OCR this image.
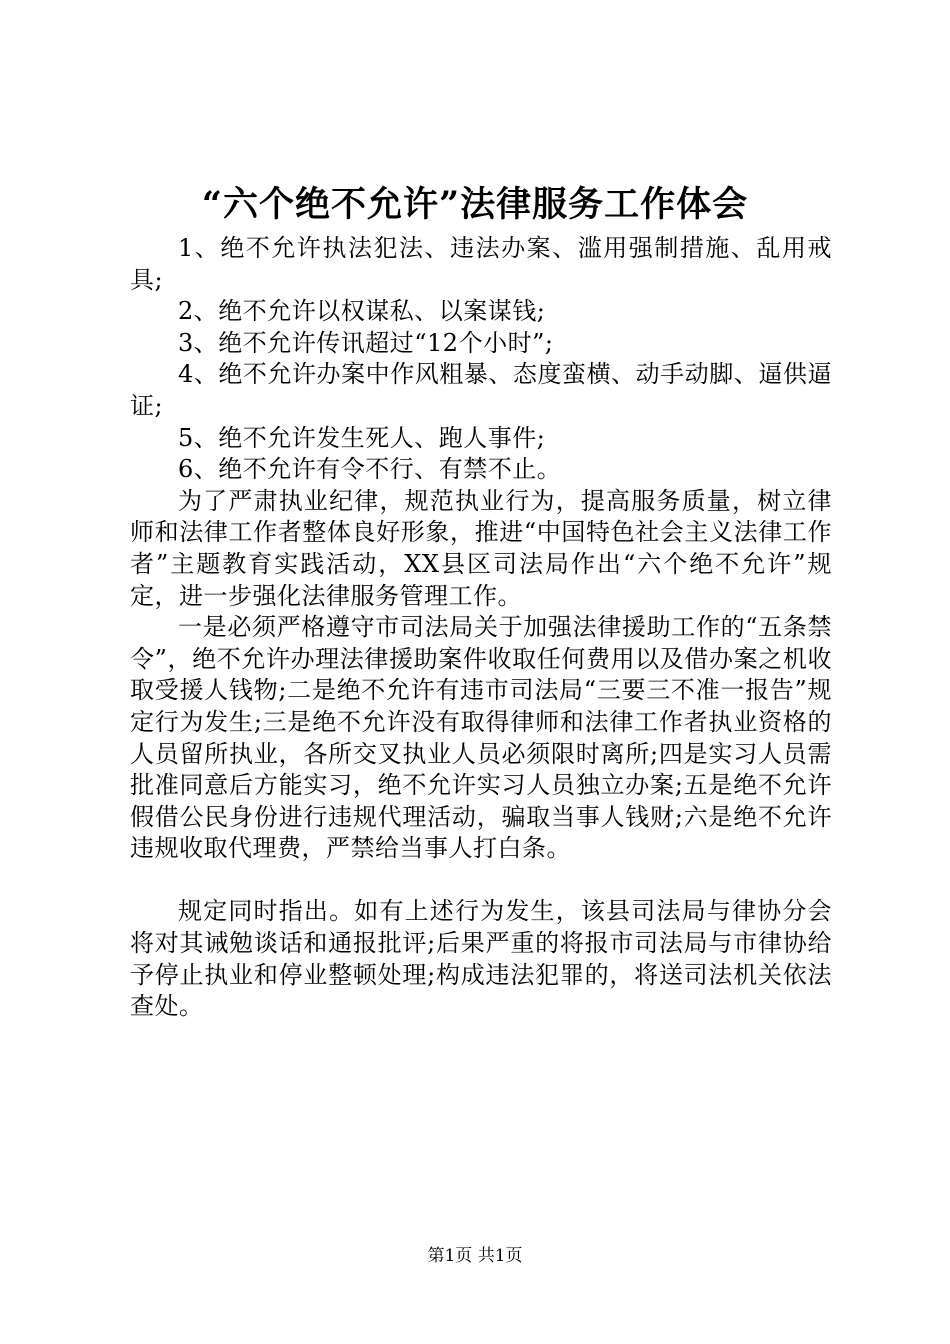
“六个绝不允许”法律服务工作体会

1、绝不允许执法犯法、违法办案、滥用强制措施、乱用戒具;

2、绝不允许以权谋私、以案谋钱;

3、绝不允许传讯超过“12个小时”;

4、绝不允许办案中作风粗暴、态度蛮横、动手动脚、逼供逼证;

5、绝不允许发生死人、跑人事件;

6、绝不允许有令不行、有禁不止。

为了严肃执业纪律，规范执业行为，提高服务质量，树立律师和法律工作者整体良好形象，推进“中国特色社会主义法律工作者”主题教育实践活动，XX县区司法局作出“六个绝不允许”规定，进一步强化法律服务管理工作。

一是必须严格遵守市司法局关于加强法律援助工作的“五条禁令”，绝不允许办理法律援助案件收取任何费用以及借办案之机收取受援人钱物;二是绝不允许有违市司法局“三要三不准一报告”规定行为发生;三是绝不允许没有取得律师和法律工作者执业资格的人员留所执业，各所交叉执业人员必须限时离所;四是实习人员需批准同意后方能实习，绝不允许实习人员独立办案;五是绝不允许假借公民身份进行违规代理活动，骗取当事人钱财;六是绝不允许违规收取代理费，严禁给当事人打白条。

规定同时指出。如有上述行为发生，该县司法局与律协分会将对其诫勉谈话和通报批评;后果严重的将报市司法局与市律协给予停止执业和停业整顿处理;构成违法犯罪的，将送司法机关依法查处。

第1页 共1页
